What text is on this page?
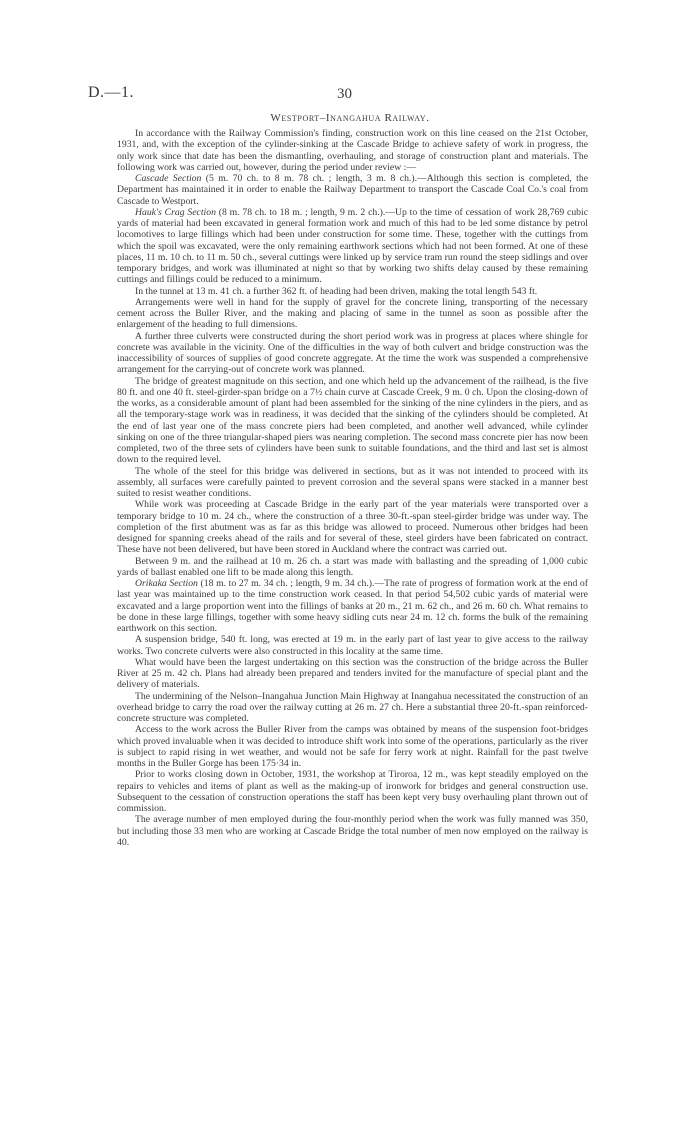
D.—1.	30
Westport–Inangahua Railway.

In accordance with the Railway Commission's finding, construction work on this line ceased on the 21st October, 1931, and, with the exception of the cylinder-sinking at the Cascade Bridge to achieve safety of work in progress, the only work since that date has been the dismantling, overhauling, and storage of construction plant and materials. The following work was carried out, however, during the period under review :—

Cascade Section (5 m. 70 ch. to 8 m. 78 ch. ; length, 3 m. 8 ch.).—Although this section is completed, the Department has maintained it in order to enable the Railway Department to transport the Cascade Coal Co.'s coal from Cascade to Westport.

Hauk's Crag Section (8 m. 78 ch. to 18 m. ; length, 9 m. 2 ch.).—Up to the time of cessation of work 28,769 cubic yards of material had been excavated in general formation work and much of this had to be led some distance by petrol locomotives to large fillings which had been under construction for some time. These, together with the cuttings from which the spoil was excavated, were the only remaining earthwork sections which had not been formed. At one of these places, 11 m. 10 ch. to 11 m. 50 ch., several cuttings were linked up by service tram run round the steep sidlings and over temporary bridges, and work was illuminated at night so that by working two shifts delay caused by these remaining cuttings and fillings could be reduced to a minimum.

In the tunnel at 13 m. 41 ch. a further 362 ft. of heading had been driven, making the total length 543 ft.

Arrangements were well in hand for the supply of gravel for the concrete lining, transporting of the necessary cement across the Buller River, and the making and placing of same in the tunnel as soon as possible after the enlargement of the heading to full dimensions.

A further three culverts were constructed during the short period work was in progress at places where shingle for concrete was available in the vicinity. One of the difficulties in the way of both culvert and bridge construction was the inaccessibility of sources of supplies of good concrete aggregate. At the time the work was suspended a comprehensive arrangement for the carrying-out of concrete work was planned.

The bridge of greatest magnitude on this section, and one which held up the advancement of the railhead, is the five 80 ft. and one 40 ft. steel-girder-span bridge on a 7½ chain curve at Cascade Creek, 9 m. 0 ch. Upon the closing-down of the works, as a considerable amount of plant had been assembled for the sinking of the nine cylinders in the piers, and as all the temporary-stage work was in readiness, it was decided that the sinking of the cylinders should be completed. At the end of last year one of the mass concrete piers had been completed, and another well advanced, while cylinder sinking on one of the three triangular-shaped piers was nearing completion. The second mass concrete pier has now been completed, two of the three sets of cylinders have been sunk to suitable foundations, and the third and last set is almost down to the required level.

The whole of the steel for this bridge was delivered in sections, but as it was not intended to proceed with its assembly, all surfaces were carefully painted to prevent corrosion and the several spans were stacked in a manner best suited to resist weather conditions.

While work was proceeding at Cascade Bridge in the early part of the year materials were transported over a temporary bridge to 10 m. 24 ch., where the construction of a three 30-ft.-span steel-girder bridge was under way. The completion of the first abutment was as far as this bridge was allowed to proceed. Numerous other bridges had been designed for spanning creeks ahead of the rails and for several of these, steel girders have been fabricated on contract. These have not been delivered, but have been stored in Auckland where the contract was carried out.

Between 9 m. and the railhead at 10 m. 26 ch. a start was made with ballasting and the spreading of 1,000 cubic yards of ballast enabled one lift to be made along this length.

Orikaka Section (18 m. to 27 m. 34 ch. ; length, 9 m. 34 ch.).—The rate of progress of formation work at the end of last year was maintained up to the time construction work ceased. In that period 54,502 cubic yards of material were excavated and a large proportion went into the fillings of banks at 20 m., 21 m. 62 ch., and 26 m. 60 ch. What remains to be done in these large fillings, together with some heavy sidling cuts near 24 m. 12 ch. forms the bulk of the remaining earthwork on this section.

A suspension bridge, 540 ft. long, was erected at 19 m. in the early part of last year to give access to the railway works. Two concrete culverts were also constructed in this locality at the same time.

What would have been the largest undertaking on this section was the construction of the bridge across the Buller River at 25 m. 42 ch. Plans had already been prepared and tenders invited for the manufacture of special plant and the delivery of materials.

The undermining of the Nelson–Inangahua Junction Main Highway at Inangahua necessitated the construction of an overhead bridge to carry the road over the railway cutting at 26 m. 27 ch. Here a substantial three 20-ft.-span reinforced-concrete structure was completed.

Access to the work across the Buller River from the camps was obtained by means of the suspension foot-bridges which proved invaluable when it was decided to introduce shift work into some of the operations, particularly as the river is subject to rapid rising in wet weather, and would not be safe for ferry work at night. Rainfall for the past twelve months in the Buller Gorge has been 175·34 in.

Prior to works closing down in October, 1931, the workshop at Tiroroa, 12 m., was kept steadily employed on the repairs to vehicles and items of plant as well as the making-up of ironwork for bridges and general construction use. Subsequent to the cessation of construction operations the staff has been kept very busy overhauling plant thrown out of commission.

The average number of men employed during the four-monthly period when the work was fully manned was 350, but including those 33 men who are working at Cascade Bridge the total number of men now employed on the railway is 40.
